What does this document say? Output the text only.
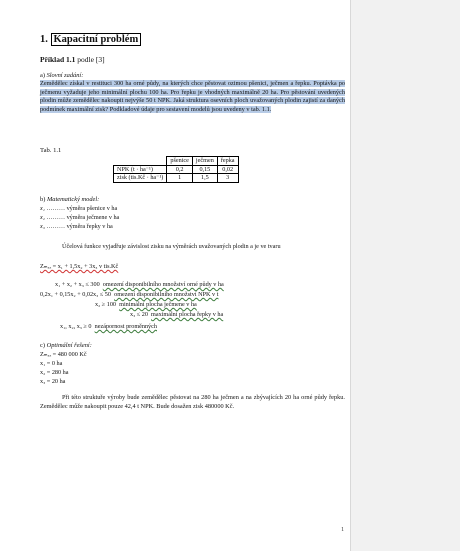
1. Kapacitní problém
Příklad 1.1 podle [3]
a) Slovní zadání:
Zemědělec získal v restituci 300 ha orné půdy, na kterých chce pěstovat ozimou pšenici, ječmen a řepku. Poptávka po ječmenu vyžaduje jeho minimální plochu 100 ha. Pro řepku je vhodných maximálně 20 ha. Pro pěstování uvedených plodin může zemědělec nakoupit nejvýše 50 t NPK. Jaká struktura osevních ploch uvažovaných plodin zajistí za daných podmínek maximální zisk? Podkladové údaje pro sestavení modelů jsou uvedeny v tab. 1.1.
Tab. 1.1
	pšenice	ječmen	řepka
NPK (t · ha⁻¹)	0,2	0,15	0,02
zisk (tis.Kč · ha⁻¹)	1	1,5	3
b) Matematický model:
x₁ ……… výměra pšenice v ha
x₂ ……… výměra ječmene v ha
x₃ ……… výměra řepky v ha
Účelová funkce vyjadřuje závislost zisku na výměrách uvažovaných plodin a je ve tvaru
Zₘₐₓ = x₁ + 1,5x₂ + 3x₃ v tis.Kč
x₁ + x₂ + x₃ ≤ 300 omezení disponibilního množství orné půdy v ha
0,2x₁ + 0,15x₂ + 0,02x₃ ≤ 50 omezení disponibilního množství NPK v t
x₂ ≥ 100 minimální plocha ječmene v ha
x₃ ≤ 20 maximální plocha řepky v ha
x₁, x₂, x₃ ≥ 0 nezápornost proměnných
c) Optimální řešení:
Zₘₐₓ = 480 000 Kč
x₁ = 0 ha
x₂ = 280 ha
x₃ = 20 ha
Při této struktuře výroby bude zemědělec pěstovat na 280 ha ječmen a na zbývajících 20 ha orné půdy řepku. Zemědělec může nakoupit pouze 42,4 t NPK. Bude dosažen zisk 480000 Kč.
1
